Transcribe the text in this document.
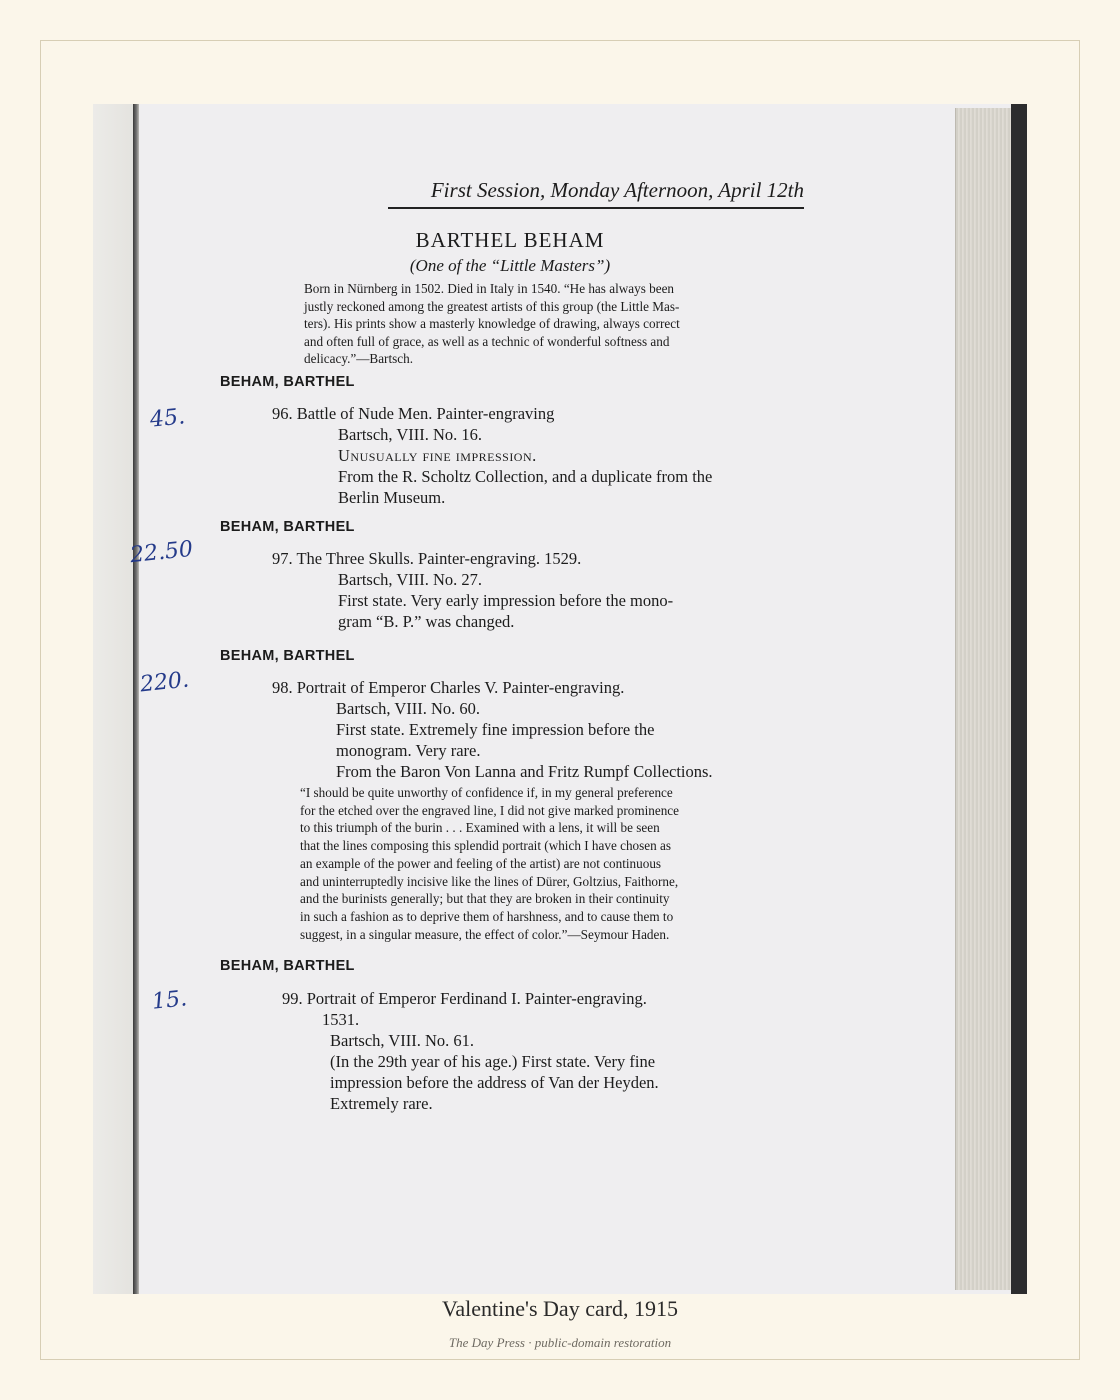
45.
22.50
220.
15.
First Session, Monday Afternoon, April 12th
BARTHEL BEHAM
(One of the “Little Masters”)
Born in Nürnberg in 1502. Died in Italy in 1540. “He has always been
justly reckoned among the greatest artists of this group (the Little Mas-
ters). His prints show a masterly knowledge of drawing, always correct
and often full of grace, as well as a technic of wonderful softness and
delicacy.”—Bartsch.
BEHAM, BARTHEL
96. Battle of Nude Men. Painter-engraving
Bartsch, VIII. No. 16.
Unusually fine impression.
From the R. Scholtz Collection, and a duplicate from the
Berlin Museum.
BEHAM, BARTHEL
97. The Three Skulls. Painter-engraving. 1529.
Bartsch, VIII. No. 27.
First state. Very early impression before the mono-
gram “B. P.” was changed.
BEHAM, BARTHEL
98. Portrait of Emperor Charles V. Painter-engraving.
Bartsch, VIII. No. 60.
First state. Extremely fine impression before the
monogram. Very rare.
From the Baron Von Lanna and Fritz Rumpf Collections.
“I should be quite unworthy of confidence if, in my general preference
for the etched over the engraved line, I did not give marked prominence
to this triumph of the burin . . . Examined with a lens, it will be seen
that the lines composing this splendid portrait (which I have chosen as
an example of the power and feeling of the artist) are not continuous
and uninterruptedly incisive like the lines of Dürer, Goltzius, Faithorne,
and the burinists generally; but that they are broken in their continuity
in such a fashion as to deprive them of harshness, and to cause them to
suggest, in a singular measure, the effect of color.”—Seymour Haden.
BEHAM, BARTHEL
99. Portrait of Emperor Ferdinand I. Painter-engraving.
1531.
Bartsch, VIII. No. 61.
(In the 29th year of his age.) First state. Very fine
impression before the address of Van der Heyden.
Extremely rare.
Valentine's Day card, 1915
The Day Press · public-domain restoration
